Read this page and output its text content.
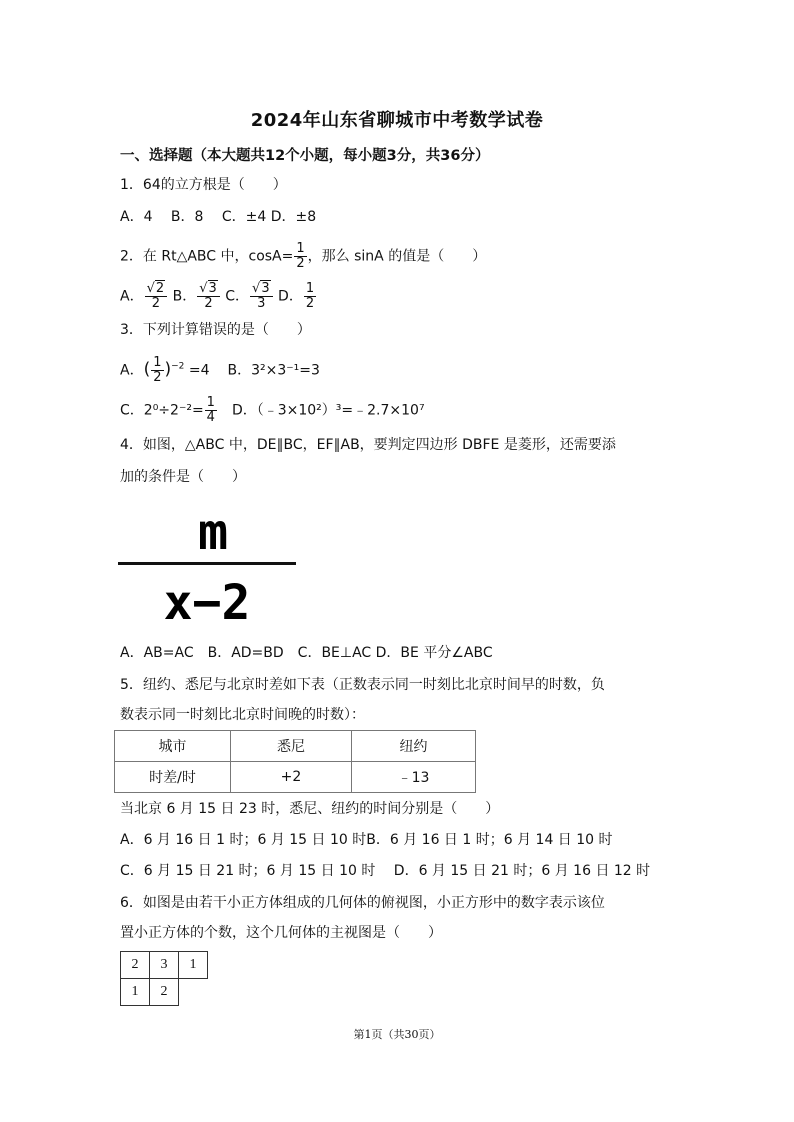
2024年山东省聊城市中考数学试卷
一、选择题（本大题共12个小题，每小题3分，共36分）
1．64的立方根是（　　）
A．4　 B．8　 C．±4 D．±8
2．在 Rt△ABC 中，$\cos A= \frac{1}{2}$ ，那么 sinA 的值是（　　）
A． $\frac{√2}{2}$ B． $\frac{√3}{2}$ C． $\frac{√3}{3}$ D． $\frac{1}{2}$
3．下列计算错误的是（　　）
A．( $\frac{1}{2} )^{-2} =4$ B．3²×3⁻¹=3
C．$2^0\div 2^{-2}= \frac{1}{4}$ D．（﹣3×10²）³=﹣2.7×10⁷
4．如图，△ABC 中，DE∥BC，EF∥AB，要判定四边形 DBFE 是菱形，还需要添
加的条件是（　　）
m
x−2
A．AB=AC　B．AD=BD　C．BE⊥AC D．BE 平分∠ABC
5．纽约、悉尼与北京时差如下表（正数表示同一时刻比北京时间早的时数，负
数表示同一时刻比北京时间晚的时数）：
城市	悉尼	纽约
时差/时	+2	﹣13
当北京 6 月 15 日 23 时，悉尼、纽约的时间分别是（　　）
A．6 月 16 日 1 时；6 月 15 日 10 时B．6 月 16 日 1 时；6 月 14 日 10 时
C．6 月 15 日 21 时；6 月 15 日 10 时　 D．6 月 15 日 21 时；6 月 16 日 12 时
6．如图是由若干小正方体组成的几何体的俯视图，小正方形中的数字表示该位
置小正方体的个数，这个几何体的主视图是（　　）
2	3	1
1	2	
第1页（共30页）
